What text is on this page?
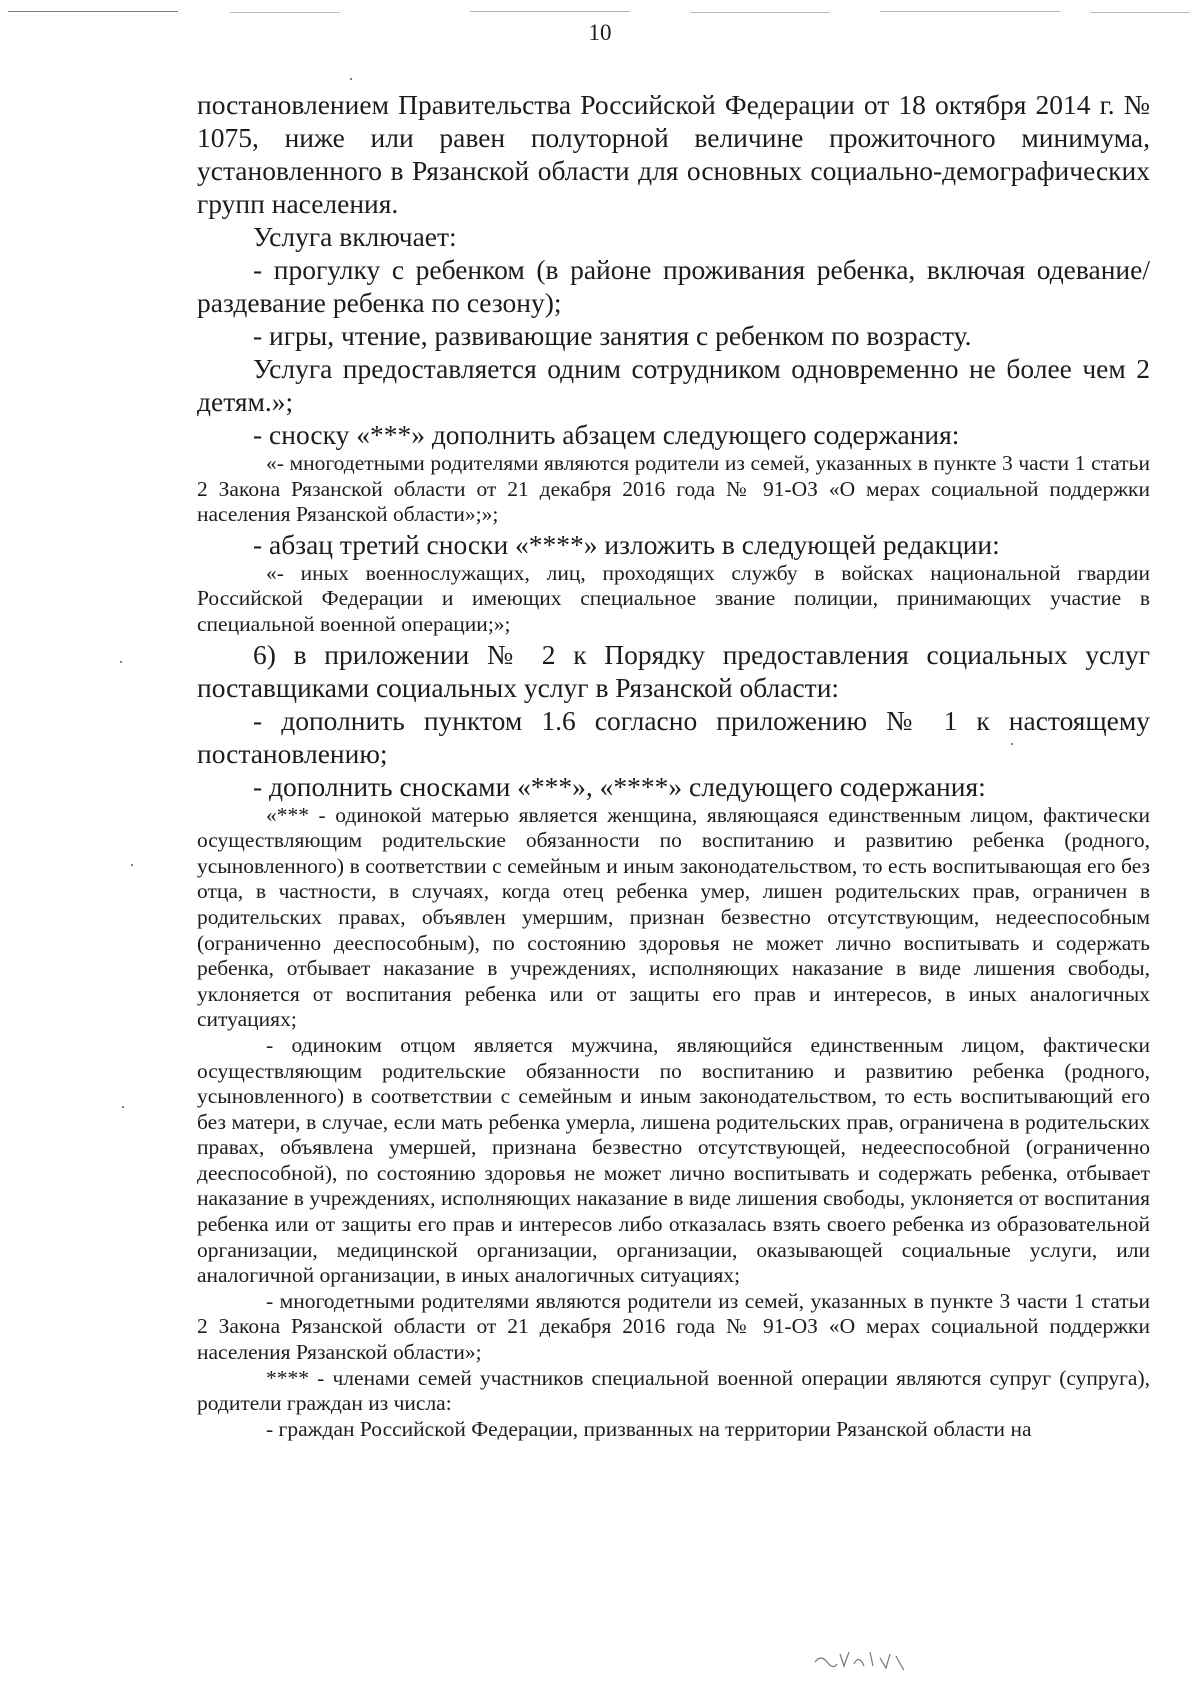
10

постановлением Правительства Российской Федерации от 18 октября 2014 г. № 1075, ниже или равен полуторной величине прожиточного минимума, установленного в Рязанской области для основных социально-демографических групп населения.

Услуга включает:

- прогулку с ребенком (в районе проживания ребенка, включая одевание/раздевание ребенка по сезону);

- игры, чтение, развивающие занятия с ребенком по возрасту.

Услуга предоставляется одним сотрудником одновременно не более чем 2 детям.»;

- сноску «***» дополнить абзацем следующего содержания:

«- многодетными родителями являются родители из семей, указанных в пункте 3 части 1 статьи 2 Закона Рязанской области от 21 декабря 2016 года № 91-ОЗ «О мерах социальной поддержки населения Рязанской области»;»;

- абзац третий сноски «****» изложить в следующей редакции:

«- иных военнослужащих, лиц, проходящих службу в войсках национальной гвардии Российской Федерации и имеющих специальное звание полиции, принимающих участие в специальной военной операции;»;

6) в приложении № 2 к Порядку предоставления социальных услуг поставщиками социальных услуг в Рязанской области:

- дополнить пунктом 1.6 согласно приложению № 1 к настоящему постановлению;

- дополнить сносками «***», «****» следующего содержания:

«*** - одинокой матерью является женщина, являющаяся единственным лицом, фактически осуществляющим родительские обязанности по воспитанию и развитию ребенка (родного, усыновленного) в соответствии с семейным и иным законодательством, то есть воспитывающая его без отца, в частности, в случаях, когда отец ребенка умер, лишен родительских прав, ограничен в родительских правах, объявлен умершим, признан безвестно отсутствующим, недееспособным (ограниченно дееспособным), по состоянию здоровья не может лично воспитывать и содержать ребенка, отбывает наказание в учреждениях, исполняющих наказание в виде лишения свободы, уклоняется от воспитания ребенка или от защиты его прав и интересов, в иных аналогичных ситуациях;

- одиноким отцом является мужчина, являющийся единственным лицом, фактически осуществляющим родительские обязанности по воспитанию и развитию ребенка (родного, усыновленного) в соответствии с семейным и иным законодательством, то есть воспитывающий его без матери, в случае, если мать ребенка умерла, лишена родительских прав, ограничена в родительских правах, объявлена умершей, признана безвестно отсутствующей, недееспособной (ограниченно дееспособной), по состоянию здоровья не может лично воспитывать и содержать ребенка, отбывает наказание в учреждениях, исполняющих наказание в виде лишения свободы, уклоняется от воспитания ребенка или от защиты его прав и интересов либо отказалась взять своего ребенка из образовательной организации, медицинской организации, организации, оказывающей социальные услуги, или аналогичной организации, в иных аналогичных ситуациях;

- многодетными родителями являются родители из семей, указанных в пункте 3 части 1 статьи 2 Закона Рязанской области от 21 декабря 2016 года № 91-ОЗ «О мерах социальной поддержки населения Рязанской области»;

**** - членами семей участников специальной военной операции являются супруг (супруга), родители граждан из числа:

- граждан Российской Федерации, призванных на территории Рязанской области на
